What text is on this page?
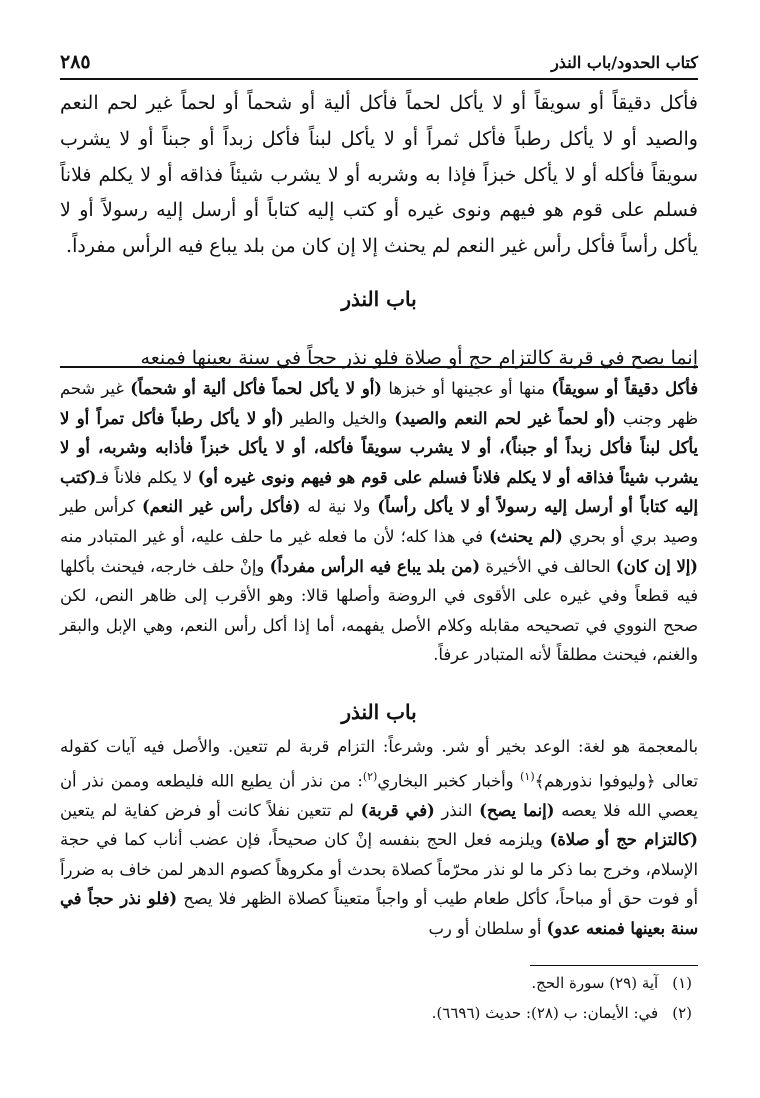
كتاب الحدود/باب النذر
٢٨٥

فأكل دقيقاً أو سويقاً أو لا يأكل لحماً فأكل ألية أو شحماً أو لحماً غير لحم النعم والصيد أو لا يأكل رطباً فأكل ثمراً أو لا يأكل لبناً فأكل زبداً أو جبناً أو لا يشرب سويقاً فأكله أو لا يأكل خبزاً فإذا به وشربه أو لا يشرب شيئاً فذاقه أو لا يكلم فلاناً فسلم على قوم هو فيهم ونوى غيره أو كتب إليه كتاباً أو أرسل إليه رسولاً أو لا يأكل رأساً فأكل رأس غير النعم لم يحنث إلا إن كان من بلد يباع فيه الرأس مفرداً.

باب النذر

إنما يصح في قربة كالتزام حج أو صلاة فلو نذر حجاً في سنة بعينها فمنعه

فأكل دقيقاً أو سويقاً) منها أو عجينها أو خبزها (أو لا يأكل لحماً فأكل ألية أو شحماً) غير شحم ظهر وجنب (أو لحماً غير لحم النعم والصيد) والخيل والطير (أو لا يأكل رطباً فأكل تمراً أو لا يأكل لبناً فأكل زبداً أو جبناً)، أو لا يشرب سويقاً فأكله، أو لا يأكل خبزاً فأذابه وشربه، أو لا يشرب شيئاً فذاقه أو لا يكلم فلاناً فسلم على قوم هو فيهم ونوى غيره أو) لا يكلم فلاناً فـ(كتب إليه كتاباً أو أرسل إليه رسولاً أو لا يأكل رأساً) ولا نية له (فأكل رأس غير النعم) كرأس طير وصيد بري أو بحري (لم يحنث) في هذا كله؛ لأن ما فعله غير ما حلف عليه، أو غير المتبادر منه (إلا إن كان) الحالف في الأخيرة (من بلد يباع فيه الرأس مفرداً) وإنْ حلف خارجه، فيحنث بأكلها فيه قطعاً وفي غيره على الأقوى في الروضة وأصلها قالا: وهو الأقرب إلى ظاهر النص، لكن صحح النووي في تصحيحه مقابله وكلام الأصل يفهمه، أما إذا أكل رأس النعم، وهي الإبل والبقر والغنم، فيحنث مطلقاً لأنه المتبادر عرفاً.

باب النذر

بالمعجمة هو لغة: الوعد بخير أو شر. وشرعاً: التزام قربة لم تتعين. والأصل فيه آيات كقوله تعالى ﴿وليوفوا نذورهم﴾$^{(١)}$ وأخبار كخبر البخاري$^{(٢)}$: من نذر أن يطيع الله فليطعه وممن نذر أن يعصي الله فلا يعصه (إنما يصح) النذر (في قربة) لم تتعين نفلاً كانت أو فرض كفاية لم يتعين (كالتزام حج أو صلاة) ويلزمه فعل الحج بنفسه إنْ كان صحيحاً، فإن عضب أناب كما في حجة الإسلام، وخرج بما ذكر ما لو نذر محرّماً كصلاة بحدث أو مكروهاً كصوم الدهر لمن خاف به ضرراً أو فوت حق أو مباحاً، كأكل طعام طيب أو واجباً متعيناً كصلاة الظهر فلا يصح (فلو نذر حجاً في سنة بعينها فمنعه عدو) أو سلطان أو رب

(١)آية (٢٩) سورة الحج.
(٢)في: الأيمان: ب (٢٨): حديث (٦٦٩٦).
